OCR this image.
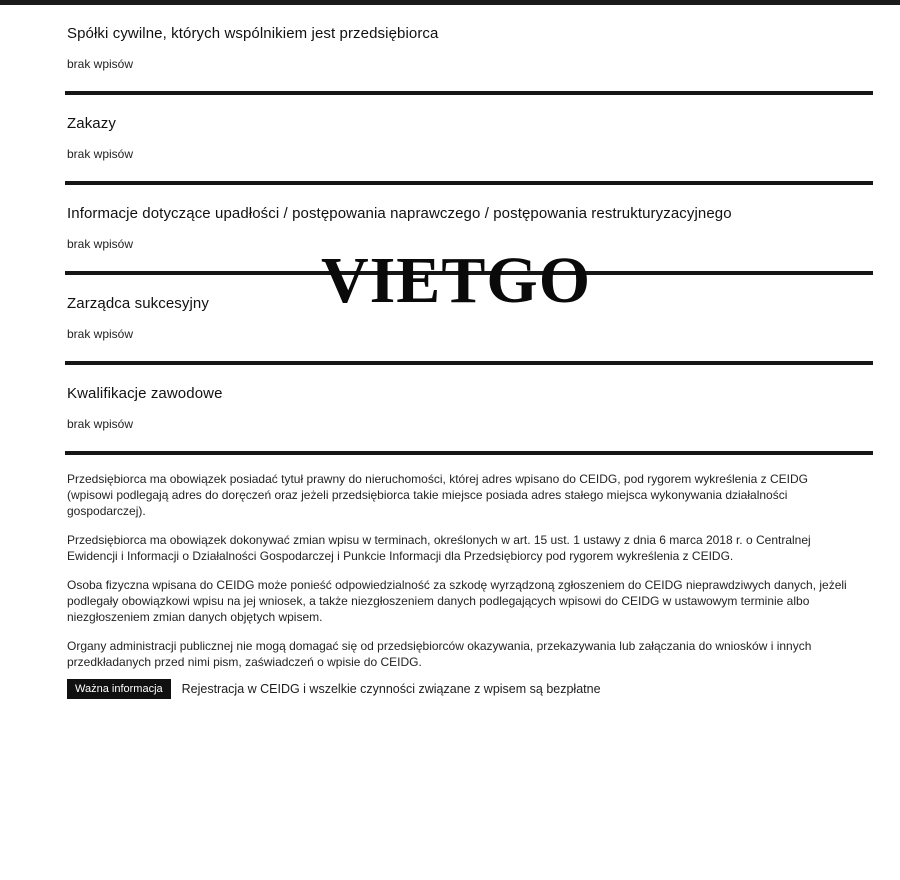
VIETGO
Spółki cywilne, których wspólnikiem jest przedsiębiorca
brak wpisów
Zakazy
brak wpisów
Informacje dotyczące upadłości / postępowania naprawczego / postępowania restrukturyzacyjnego
brak wpisów
Zarządca sukcesyjny
brak wpisów
Kwalifikacje zawodowe
brak wpisów
Przedsiębiorca ma obowiązek posiadać tytuł prawny do nieruchomości, której adres wpisano do CEIDG, pod rygorem wykreślenia z CEIDG (wpisowi podlegają adres do doręczeń oraz jeżeli przedsiębiorca takie miejsce posiada adres stałego miejsca wykonywania działalności gospodarczej).
Przedsiębiorca ma obowiązek dokonywać zmian wpisu w terminach, określonych w art. 15 ust. 1 ustawy z dnia 6 marca 2018 r. o Centralnej Ewidencji i Informacji o Działalności Gospodarczej i Punkcie Informacji dla Przedsiębiorcy pod rygorem wykreślenia z CEIDG.
Osoba fizyczna wpisana do CEIDG może ponieść odpowiedzialność za szkodę wyrządzoną zgłoszeniem do CEIDG nieprawdziwych danych, jeżeli podlegały obowiązkowi wpisu na jej wniosek, a także niezgłoszeniem danych podlegających wpisowi do CEIDG w ustawowym terminie albo niezgłoszeniem zmian danych objętych wpisem.
Organy administracji publicznej nie mogą domagać się od przedsiębiorców okazywania, przekazywania lub załączania do wniosków i innych przedkładanych przed nimi pism, zaświadczeń o wpisie do CEIDG.
Ważna informacja	Rejestracja w CEIDG i wszelkie czynności związane z wpisem są bezpłatne
